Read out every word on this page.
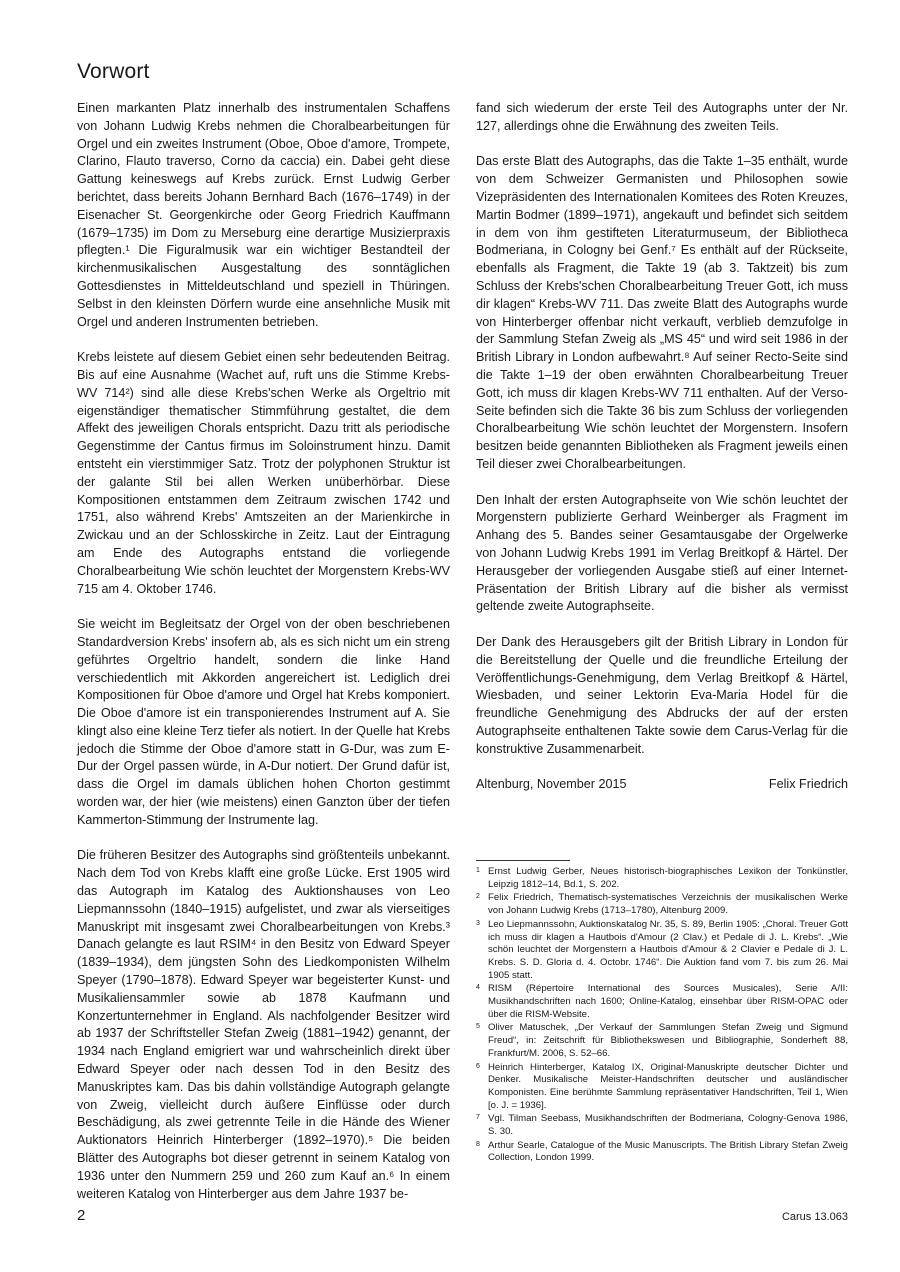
Vorwort

Einen markanten Platz innerhalb des instrumentalen Schaffens von Johann Ludwig Krebs nehmen die Choralbearbeitungen für Orgel und ein zweites Instrument (Oboe, Oboe d'amore, Trompete, Clarino, Flauto traverso, Corno da caccia) ein. Dabei geht diese Gattung keineswegs auf Krebs zurück. Ernst Ludwig Gerber berichtet, dass bereits Johann Bernhard Bach (1676–1749) in der Eisenacher St. Georgenkirche oder Georg Friedrich Kauffmann (1679–1735) im Dom zu Merseburg eine derartige Musizierpraxis pflegten.¹ Die Figuralmusik war ein wichtiger Bestandteil der kirchenmusikalischen Ausgestaltung des sonntäglichen Gottesdienstes in Mitteldeutschland und speziell in Thüringen. Selbst in den kleinsten Dörfern wurde eine ansehnliche Musik mit Orgel und anderen Instrumenten betrieben.

Krebs leistete auf diesem Gebiet einen sehr bedeutenden Beitrag. Bis auf eine Ausnahme (Wachet auf, ruft uns die Stimme Krebs-WV 714²) sind alle diese Krebs'schen Werke als Orgeltrio mit eigenständiger thematischer Stimmführung gestaltet, die dem Affekt des jeweiligen Chorals entspricht. Dazu tritt als periodische Gegenstimme der Cantus firmus im Soloinstrument hinzu. Damit entsteht ein vierstimmiger Satz. Trotz der polyphonen Struktur ist der galante Stil bei allen Werken unüberhörbar. Diese Kompositionen entstammen dem Zeitraum zwischen 1742 und 1751, also während Krebs' Amtszeiten an der Marienkirche in Zwickau und an der Schlosskirche in Zeitz. Laut der Eintragung am Ende des Autographs entstand die vorliegende Choralbearbeitung Wie schön leuchtet der Morgenstern Krebs-WV 715 am 4. Oktober 1746.

Sie weicht im Begleitsatz der Orgel von der oben beschriebenen Standardversion Krebs' insofern ab, als es sich nicht um ein streng geführtes Orgeltrio handelt, sondern die linke Hand verschiedentlich mit Akkorden angereichert ist. Lediglich drei Kompositionen für Oboe d'amore und Orgel hat Krebs komponiert. Die Oboe d'amore ist ein transponierendes Instrument auf A. Sie klingt also eine kleine Terz tiefer als notiert. In der Quelle hat Krebs jedoch die Stimme der Oboe d'amore statt in G-Dur, was zum E-Dur der Orgel passen würde, in A-Dur notiert. Der Grund dafür ist, dass die Orgel im damals üblichen hohen Chorton gestimmt worden war, der hier (wie meistens) einen Ganzton über der tiefen Kammerton-Stimmung der Instrumente lag.

Die früheren Besitzer des Autographs sind größtenteils unbekannt. Nach dem Tod von Krebs klafft eine große Lücke. Erst 1905 wird das Autograph im Katalog des Auktionshauses von Leo Liepmannssohn (1840–1915) aufgelistet, und zwar als vierseitiges Manuskript mit insgesamt zwei Choralbearbeitungen von Krebs.³ Danach gelangte es laut RSIM⁴ in den Besitz von Edward Speyer (1839–1934), dem jüngsten Sohn des Liedkomponisten Wilhelm Speyer (1790–1878). Edward Speyer war begeisterter Kunst- und Musikaliensammler sowie ab 1878 Kaufmann und Konzertunternehmer in England. Als nachfolgender Besitzer wird ab 1937 der Schriftsteller Stefan Zweig (1881–1942) genannt, der 1934 nach England emigriert war und wahrscheinlich direkt über Edward Speyer oder nach dessen Tod in den Besitz des Manuskriptes kam. Das bis dahin vollständige Autograph gelangte von Zweig, vielleicht durch äußere Einflüsse oder durch Beschädigung, als zwei getrennte Teile in die Hände des Wiener Auktionators Heinrich Hinterberger (1892–1970).⁵ Die beiden Blätter des Autographs bot dieser getrennt in seinem Katalog von 1936 unter den Nummern 259 und 260 zum Kauf an.⁶ In einem weiteren Katalog von Hinterberger aus dem Jahre 1937 be-

fand sich wiederum der erste Teil des Autographs unter der Nr. 127, allerdings ohne die Erwähnung des zweiten Teils.

Das erste Blatt des Autographs, das die Takte 1–35 enthält, wurde von dem Schweizer Germanisten und Philosophen sowie Vizepräsidenten des Internationalen Komitees des Roten Kreuzes, Martin Bodmer (1899–1971), angekauft und befindet sich seitdem in dem von ihm gestifteten Literaturmuseum, der Bibliotheca Bodmeriana, in Cologny bei Genf.⁷ Es enthält auf der Rückseite, ebenfalls als Fragment, die Takte 19 (ab 3. Taktzeit) bis zum Schluss der Krebs'schen Choralbearbeitung Treuer Gott, ich muss dir klagen“ Krebs-WV 711. Das zweite Blatt des Autographs wurde von Hinterberger offenbar nicht verkauft, verblieb demzufolge in der Sammlung Stefan Zweig als „MS 45“ und wird seit 1986 in der British Library in London aufbewahrt.⁸ Auf seiner Recto-Seite sind die Takte 1–19 der oben erwähnten Choralbearbeitung Treuer Gott, ich muss dir klagen Krebs-WV 711 enthalten. Auf der Verso-Seite befinden sich die Takte 36 bis zum Schluss der vorliegenden Choralbearbeitung Wie schön leuchtet der Morgenstern. Insofern besitzen beide genannten Bibliotheken als Fragment jeweils einen Teil dieser zwei Choralbearbeitungen.

Den Inhalt der ersten Autographseite von Wie schön leuchtet der Morgenstern publizierte Gerhard Weinberger als Fragment im Anhang des 5. Bandes seiner Gesamtausgabe der Orgelwerke von Johann Ludwig Krebs 1991 im Verlag Breitkopf & Härtel. Der Herausgeber der vorliegenden Ausgabe stieß auf einer Internet-Präsentation der British Library auf die bisher als vermisst geltende zweite Autographseite.

Der Dank des Herausgebers gilt der British Library in London für die Bereitstellung der Quelle und die freundliche Erteilung der Veröffentlichungs-Genehmigung, dem Verlag Breitkopf & Härtel, Wiesbaden, und seiner Lektorin Eva-Maria Hodel für die freundliche Genehmigung des Abdrucks der auf der ersten Autographseite enthaltenen Takte sowie dem Carus-Verlag für die konstruktive Zusammenarbeit.

Altenburg, November 2015	Felix Friedrich
1 Ernst Ludwig Gerber, Neues historisch-biographisches Lexikon der Tonkünstler, Leipzig 1812–14, Bd.1, S. 202.
2 Felix Friedrich, Thematisch-systematisches Verzeichnis der musikalischen Werke von Johann Ludwig Krebs (1713–1780), Altenburg 2009.
3 Leo Liepmannssohn, Auktionskatalog Nr. 35, S. 89, Berlin 1905: „Choral. Treuer Gott ich muss dir klagen a Hautbois d'Amour (2 Clav.) et Pedale di J. L. Krebs“. „Wie schön leuchtet der Morgenstern a Hautbois d'Amour & 2 Clavier e Pedale di J. L. Krebs. S. D. Gloria d. 4. Octobr. 1746“. Die Auktion fand vom 7. bis zum 26. Mai 1905 statt.
4 RISM (Répertoire International des Sources Musicales), Serie A/II: Musikhandschriften nach 1600; Online-Katalog, einsehbar über RISM-OPAC oder über die RISM-Website.
5 Oliver Matuschek, „Der Verkauf der Sammlungen Stefan Zweig und Sigmund Freud“, in: Zeitschrift für Bibliothekswesen und Bibliographie, Sonderheft 88, Frankfurt/M. 2006, S. 52–66.
6 Heinrich Hinterberger, Katalog IX, Original-Manuskripte deutscher Dichter und Denker. Musikalische Meister-Handschriften deutscher und ausländischer Komponisten. Eine berühmte Sammlung repräsentativer Handschriften, Teil 1, Wien [o. J. = 1936].
7 Vgl. Tilman Seebass, Musikhandschriften der Bodmeriana, Cologny-Genova 1986, S. 30.
8 Arthur Searle, Catalogue of the Music Manuscripts. The British Library Stefan Zweig Collection, London 1999.
2	Carus 13.063
